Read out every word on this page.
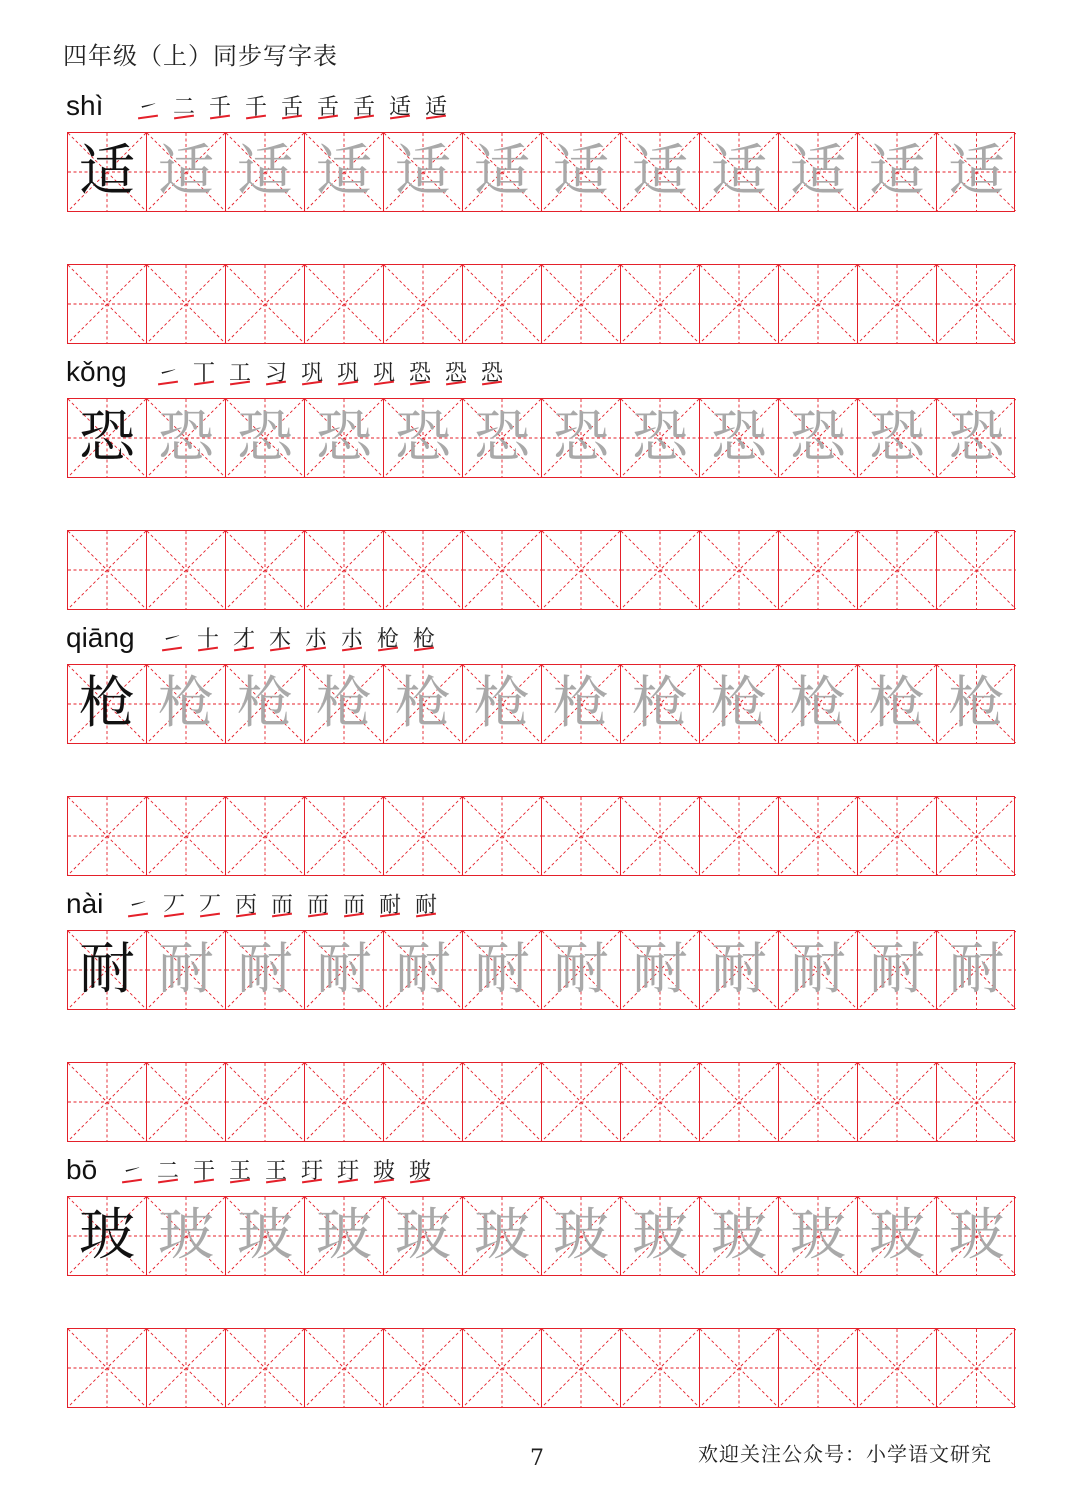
四年级（上）同步写字表
shì ㇀ 二 千 千 舌 舌 舌 适 适
适 适 适 适 适 适 适 适 适 适 适 适
kǒng ㇀ 丅 工 习 巩 巩 巩 恐 恐 恐
恐 恐 恐 恐 恐 恐 恐 恐 恐 恐 恐 恐
qiāng ㇀ 十 才 木 朩 朩 枪 枪
枪 枪 枪 枪 枪 枪 枪 枪 枪 枪 枪 枪
nài ㇀ 丆 丆 丙 而 而 而 耐 耐
耐 耐 耐 耐 耐 耐 耐 耐 耐 耐 耐 耐
bō ㇀ 二 干 王 王 玗 玗 玻 玻
玻 玻 玻 玻 玻 玻 玻 玻 玻 玻 玻 玻
7	欢迎关注公众号：小学语文研究
